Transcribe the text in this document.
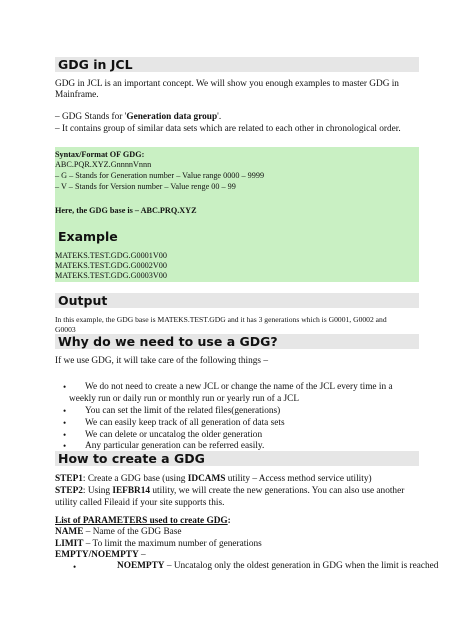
GDG in JCL
GDG in JCL is an important concept. We will show you enough examples to master GDG in
Mainframe.
– GDG Stands for 'Generation data group'.
– It contains group of similar data sets which are related to each other in chronological order.
Syntax/Format OF GDG:
ABC.PQR.XYZ.GnnnnVnnn
– G – Stands for Generation number – Value range 0000 – 9999
– V – Stands for Version number – Value renge 00 – 99
Here, the GDG base is – ABC.PRQ.XYZ
Example
MATEKS.TEST.GDG.G0001V00
MATEKS.TEST.GDG.G0002V00
MATEKS.TEST.GDG.G0003V00
Output
In this example, the GDG base is MATEKS.TEST.GDG and it has 3 generations which is G0001, G0002 and
G0003
Why do we need to use a GDG?
If we use GDG, it will take care of the following things –
• We do not need to create a new JCL or change the name of the JCL every time in a
weekly run or daily run or monthly run or yearly run of a JCL
• You can set the limit of the related files(generations)
• We can easily keep track of all generation of data sets
• We can delete or uncatalog the older generation
• Any particular generation can be referred easily.
How to create a GDG
STEP1: Create a GDG base (using IDCAMS utility – Access method service utility)
STEP2: Using IEFBR14 utility, we will create the new generations. You can also use another
utility called Fileaid if your site supports this.
List of PARAMETERS used to create GDG:
NAME – Name of the GDG Base
LIMIT – To limit the maximum number of generations
EMPTY/NOEMPTY –
•	NOEMPTY – Uncatalog only the oldest generation in GDG when the limit is reached
